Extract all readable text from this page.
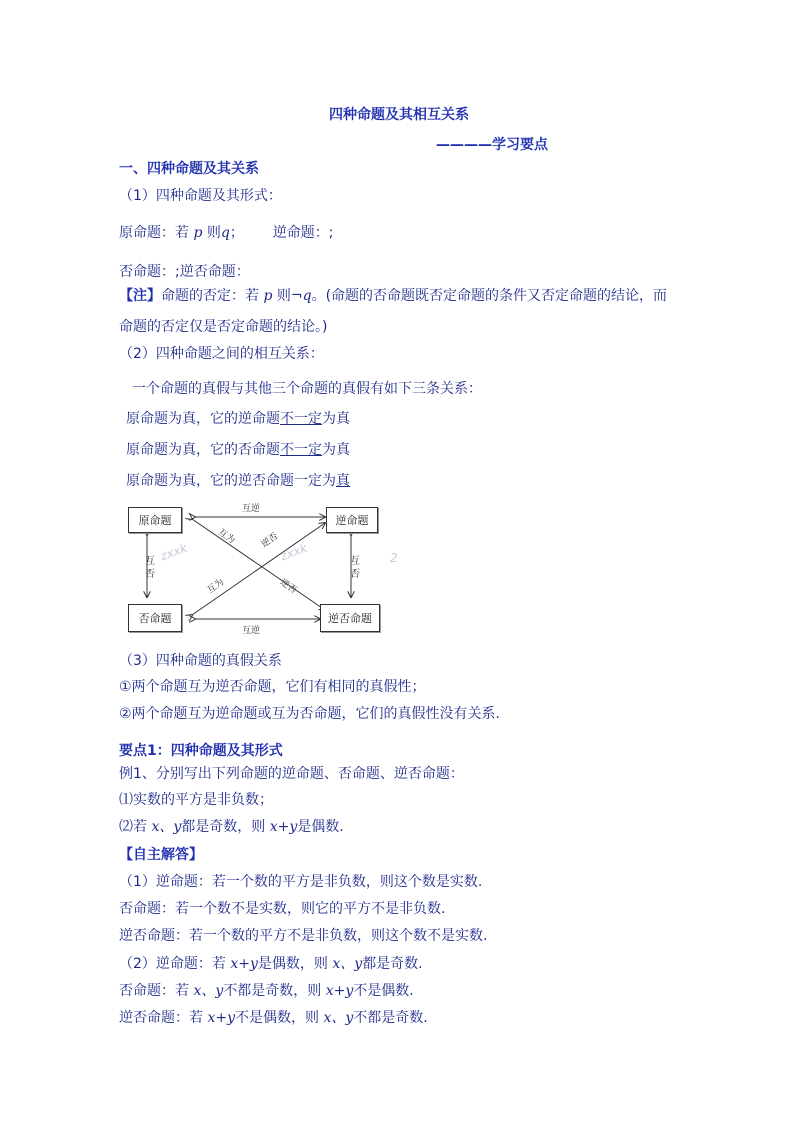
四种命题及其相互关系
————学习要点
一、四种命题及其关系
（1）四种命题及其形式：
原命题：若 p 则q； 逆命题：;
否命题：;逆否命题：
【注】命题的否定：若 p 则¬q。(命题的否命题既否定命题的条件又否定命题的结论，而
命题的否定仅是否定命题的结论。)
（2）四种命题之间的相互关系：
一个命题的真假与其他三个命题的真假有如下三条关系：
原命题为真，它的逆命题不一定为真
原命题为真，它的否命题不一定为真
原命题为真，它的逆否命题一定为真
原命题	逆命题
否命题	逆否命题
互逆
互逆
互否
互否
互为	逆否
互为	逆否
zxxk	zxxk	2
（3）四种命题的真假关系
①两个命题互为逆否命题，它们有相同的真假性；
②两个命题互为逆命题或互为否命题，它们的真假性没有关系.
要点1：四种命题及其形式
例1、分别写出下列命题的逆命题、否命题、逆否命题：
⑴实数的平方是非负数；
⑵若 x、y都是奇数，则 x+y是偶数.
【自主解答】
（1）逆命题：若一个数的平方是非负数，则这个数是实数.
否命题：若一个数不是实数，则它的平方不是非负数.
逆否命题：若一个数的平方不是非负数，则这个数不是实数.
（2）逆命题：若 x+y是偶数，则 x、y都是奇数.
否命题：若 x、y不都是奇数，则 x+y不是偶数.
逆否命题：若 x+y不是偶数，则 x、y不都是奇数.
